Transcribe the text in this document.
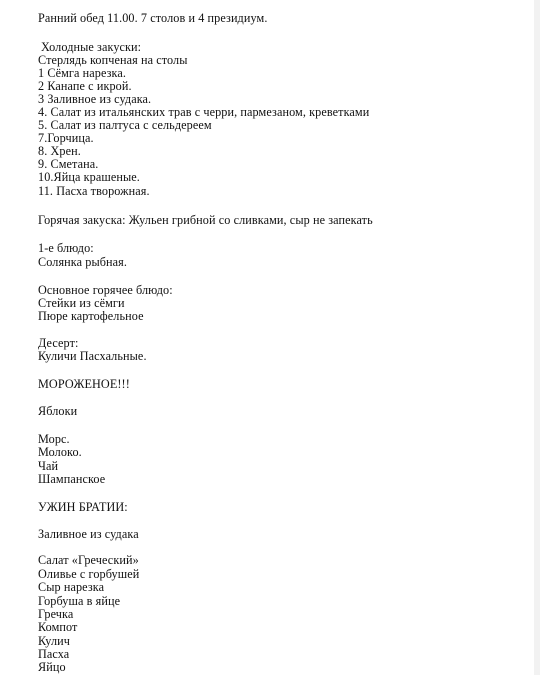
Ранний обед 11.00. 7 столов и 4 президиум.
Холодные закуски:
Стерлядь копченая на столы
1 Сёмга нарезка.
2 Канапе с икрой.
3 Заливное из судака.
4. Салат из итальянских трав с черри, пармезаном, креветками
5. Салат из палтуса с сельдереем
7.Горчица.
8. Хрен.
9. Сметана.
10.Яйца крашеные.
11. Пасха творожная.
Горячая закуска: Жульен грибной со сливками, сыр не запекать
1-е блюдо:
Солянка рыбная.
Основное горячее блюдо:
Стейки из сёмги
Пюре картофельное
Десерт:
Куличи Пасхальные.
МОРОЖЕНОЕ!!!
Яблоки
Морс.
Молоко.
Чай
Шампанское
УЖИН БРАТИИ:
Заливное из судака
Салат «Греческий»
Оливье с горбушей
Сыр нарезка
Горбуша в яйце
Гречка
Компот
Кулич
Пасха
Яйцо
